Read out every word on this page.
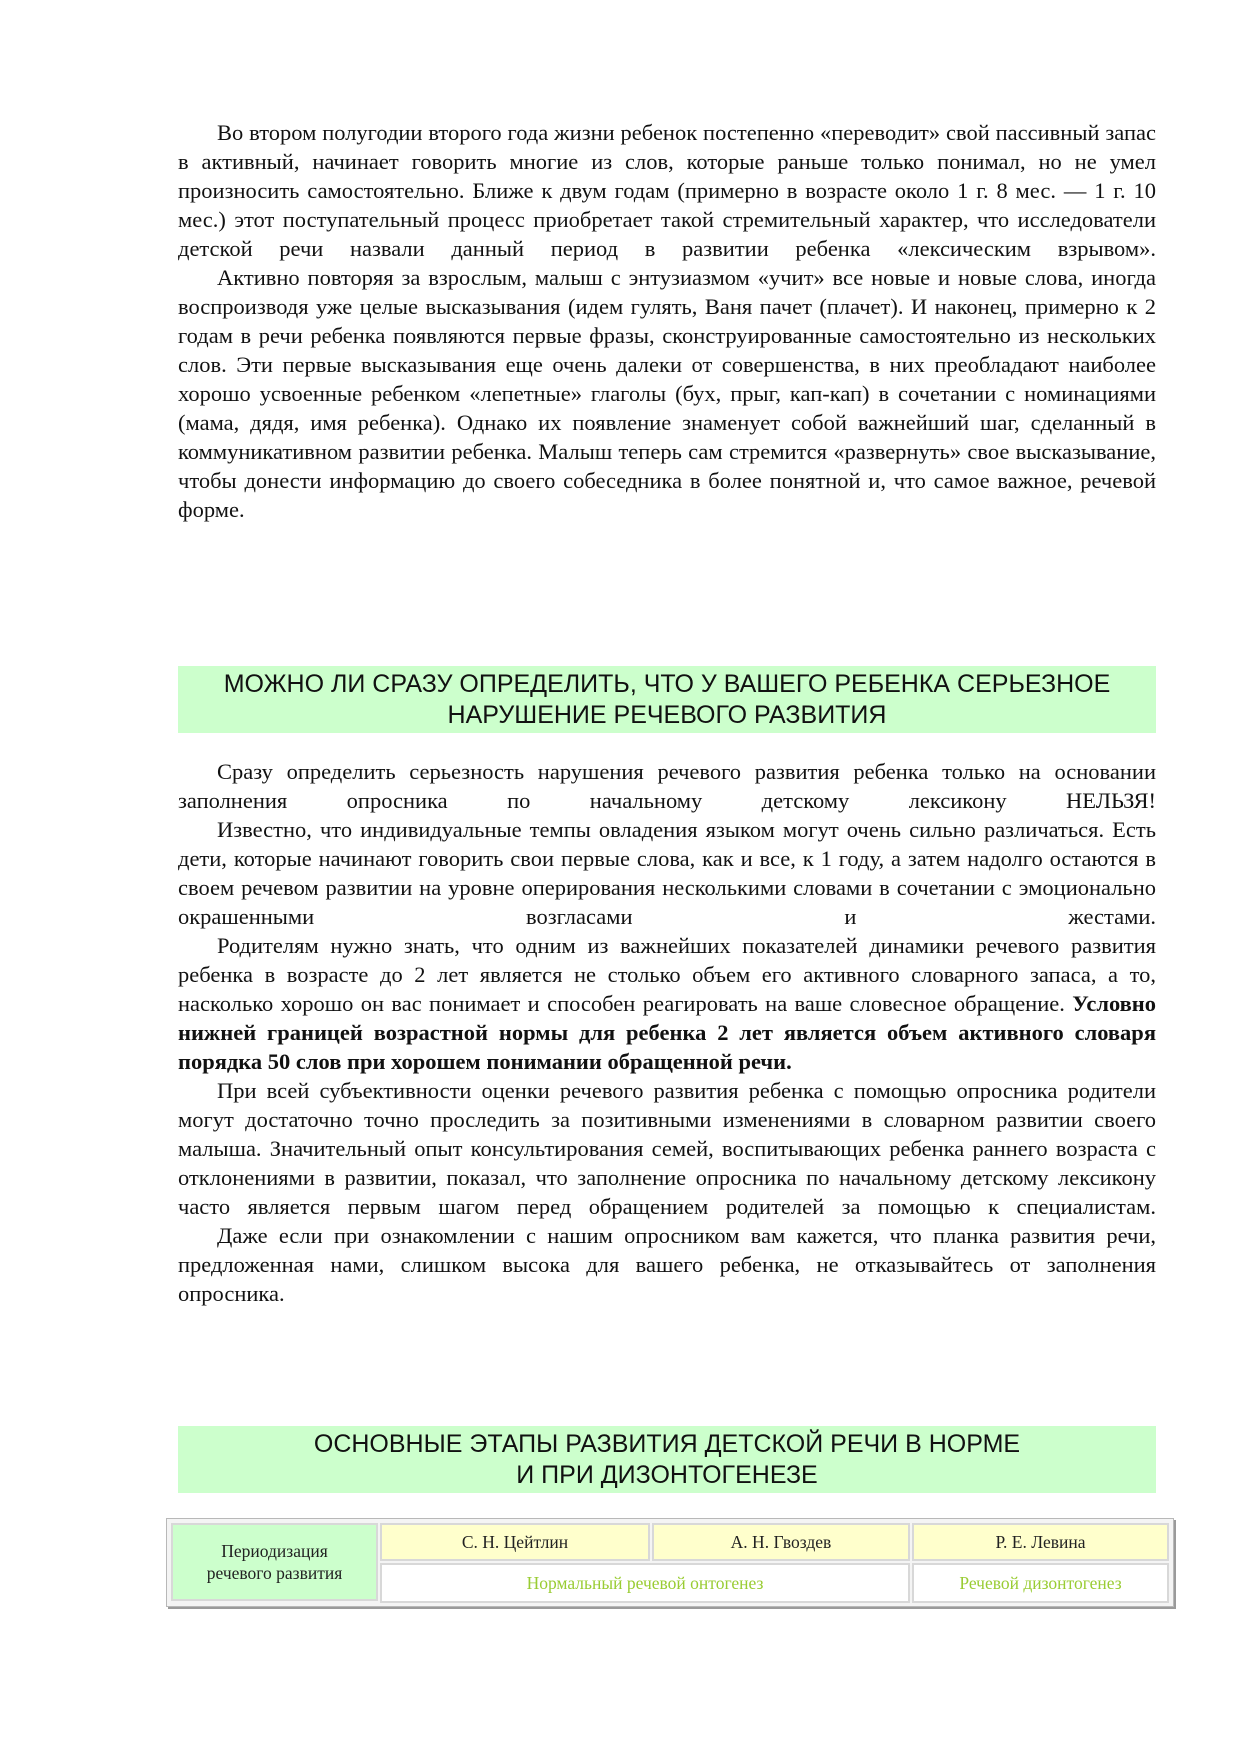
Во втором полугодии второго года жизни ребенок постепенно «переводит» свой пассивный запас в активный, начинает говорить многие из слов, которые раньше только понимал, но не умел произносить самостоятельно. Ближе к двум годам (примерно в возрасте около 1 г. 8 мес. — 1 г. 10 мес.) этот поступательный процесс приобретает такой стремительный характер, что исследователи детской речи назвали данный период в развитии ребенка «лексическим взрывом».

Активно повторяя за взрослым, малыш с энтузиазмом «учит» все новые и новые слова, иногда воспроизводя уже целые высказывания (идем гулять, Ваня пачет (плачет). И наконец, примерно к 2 годам в речи ребенка появляются первые фразы, сконструированные самостоятельно из нескольких слов. Эти первые высказывания еще очень далеки от совершенства, в них преобладают наиболее хорошо усвоенные ребенком «лепетные» глаголы (бух, прыг, кап-кап) в сочетании с номинациями (мама, дядя, имя ребенка). Однако их появление знаменует собой важнейший шаг, сделанный в коммуникативном развитии ребенка. Малыш теперь сам стремится «развернуть» свое высказывание, чтобы донести информацию до своего собеседника в более понятной и, что самое важное, речевой форме.

МОЖНО ЛИ СРАЗУ ОПРЕДЕЛИТЬ, ЧТО У ВАШЕГО РЕБЕНКА СЕРЬЕЗНОЕ
НАРУШЕНИЕ РЕЧЕВОГО РАЗВИТИЯ

Сразу определить серьезность нарушения речевого развития ребенка только на основании заполнения опросника по начальному детскому лексикону НЕЛЬЗЯ!

Известно, что индивидуальные темпы овладения языком могут очень сильно различаться. Есть дети, которые начинают говорить свои первые слова, как и все, к 1 году, а затем надолго остаются в своем речевом развитии на уровне оперирования несколькими словами в сочетании с эмоционально окрашенными возгласами и жестами.

Родителям нужно знать, что одним из важнейших показателей динамики речевого развития ребенка в возрасте до 2 лет является не столько объем его активного словарного запаса, а то, насколько хорошо он вас понимает и способен реагировать на ваше словесное обращение. Условно нижней границей возрастной нормы для ребенка 2 лет является объем активного словаря порядка 50 слов при хорошем понимании обращенной речи.

При всей субъективности оценки речевого развития ребенка с помощью опросника родители могут достаточно точно проследить за позитивными изменениями в словарном развитии своего малыша. Значительный опыт консультирования семей, воспитывающих ребенка раннего возраста с отклонениями в развитии, показал, что заполнение опросника по начальному детскому лексикону часто является первым шагом перед обращением родителей за помощью к специалистам.

Даже если при ознакомлении с нашим опросником вам кажется, что планка развития речи, предложенная нами, слишком высока для вашего ребенка, не отказывайтесь от заполнения опросника.

ОСНОВНЫЕ ЭТАПЫ РАЗВИТИЯ ДЕТСКОЙ РЕЧИ В НОРМЕ
И ПРИ ДИЗОНТОГЕНЕЗЕ
Периодизация
речевого развития
С. Н. Цейтлин	А. Н. Гвоздев	Р. Е. Левина
Нормальный речевой онтогенез	Речевой дизонтогенез
